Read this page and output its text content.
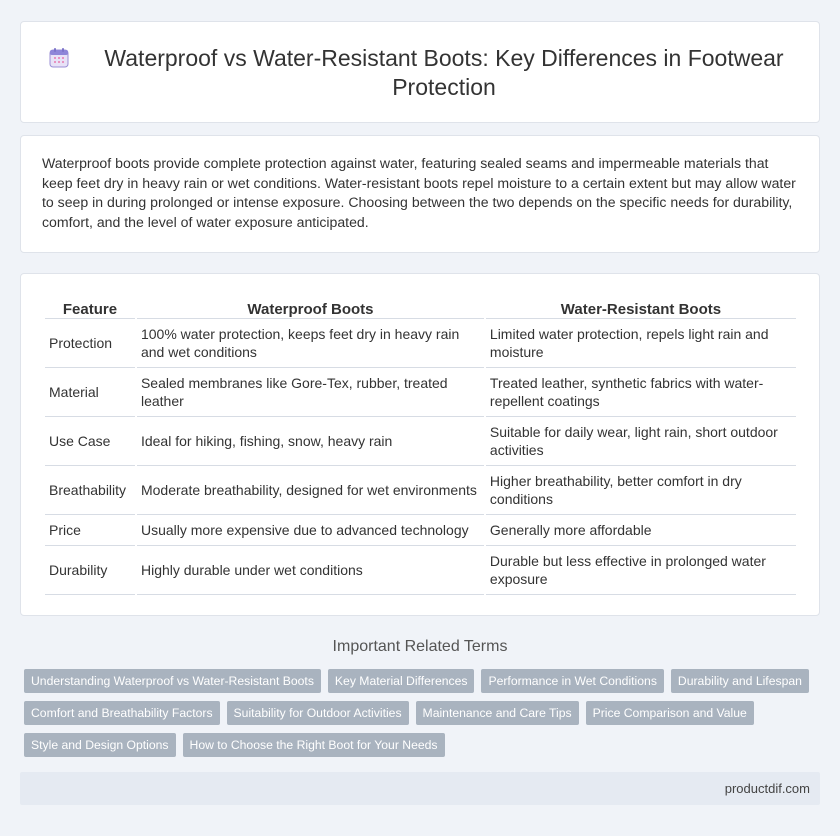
Waterproof vs Water-Resistant Boots: Key Differences in Footwear Protection

Waterproof boots provide complete protection against water, featuring sealed seams and impermeable materials that keep feet dry in heavy rain or wet conditions. Water-resistant boots repel moisture to a certain extent but may allow water to seep in during prolonged or intense exposure. Choosing between the two depends on the specific needs for durability, comfort, and the level of water exposure anticipated.

Feature	Waterproof Boots	Water-Resistant Boots
Protection	100% water protection, keeps feet dry in heavy rain and wet conditions	Limited water protection, repels light rain and moisture
Material	Sealed membranes like Gore-Tex, rubber, treated leather	Treated leather, synthetic fabrics with water-repellent coatings
Use Case	Ideal for hiking, fishing, snow, heavy rain	Suitable for daily wear, light rain, short outdoor activities
Breathability	Moderate breathability, designed for wet environments	Higher breathability, better comfort in dry conditions
Price	Usually more expensive due to advanced technology	Generally more affordable
Durability	Highly durable under wet conditions	Durable but less effective in prolonged water exposure
Important Related Terms
Understanding Waterproof vs Water-Resistant Boots	Key Material Differences	Performance in Wet Conditions	Durability and Lifespan
Comfort and Breathability Factors	Suitability for Outdoor Activities	Maintenance and Care Tips	Price Comparison and Value
Style and Design Options	How to Choose the Right Boot for Your Needs
productdif.com
